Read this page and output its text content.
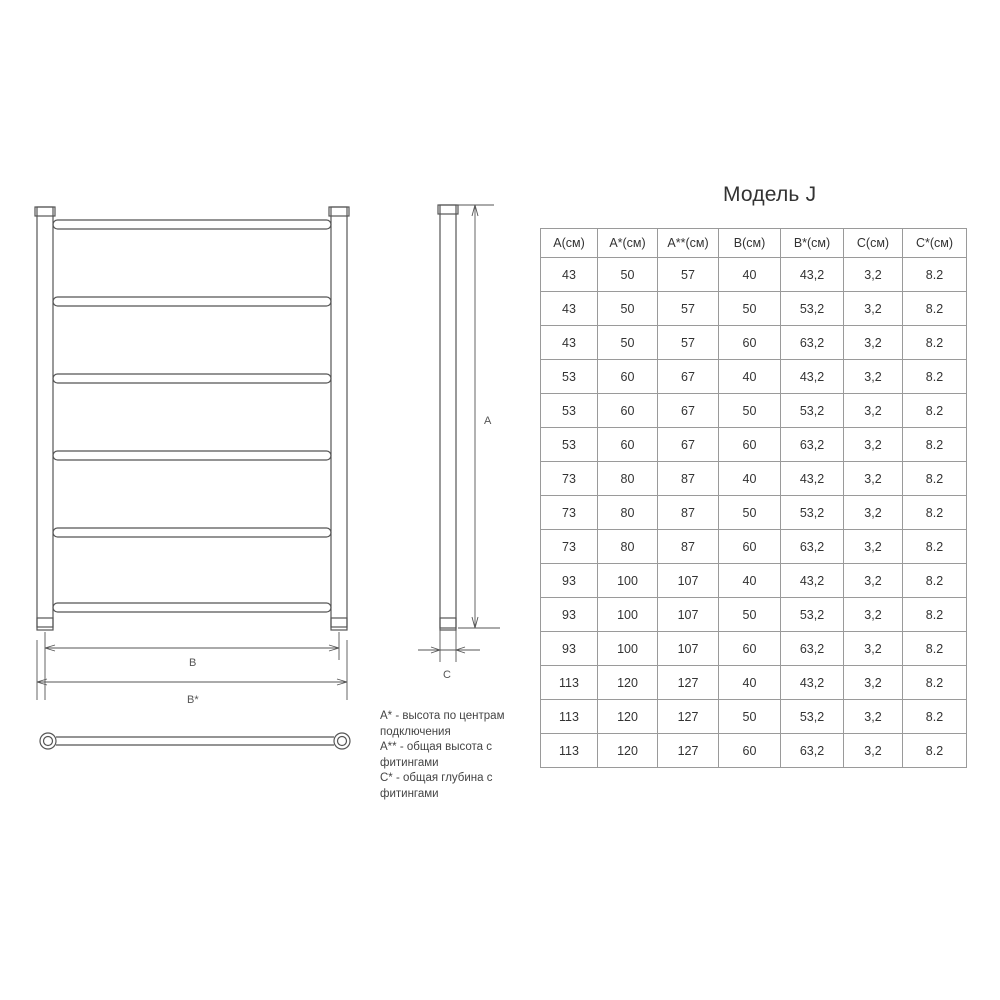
A
B
B*
C
A* - высота по центрам
подключения
A** - общая высота с
фитингами
C* - общая глубина с
фитингами
Модель J
A(см)	A*(см)	A**(см)	B(см)	B*(см)	C(см)	C*(см)
43	50	57	40	43,2	3,2	8.2
43	50	57	50	53,2	3,2	8.2
43	50	57	60	63,2	3,2	8.2
53	60	67	40	43,2	3,2	8.2
53	60	67	50	53,2	3,2	8.2
53	60	67	60	63,2	3,2	8.2
73	80	87	40	43,2	3,2	8.2
73	80	87	50	53,2	3,2	8.2
73	80	87	60	63,2	3,2	8.2
93	100	107	40	43,2	3,2	8.2
93	100	107	50	53,2	3,2	8.2
93	100	107	60	63,2	3,2	8.2
113	120	127	40	43,2	3,2	8.2
113	120	127	50	53,2	3,2	8.2
113	120	127	60	63,2	3,2	8.2
